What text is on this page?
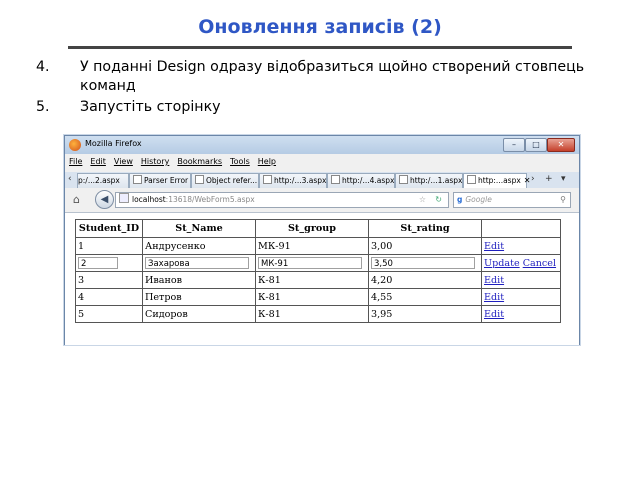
Оновлення записів (2)
4.	У поданні Design одразу відобразиться щойно створений стовпець команд
5.	Запустіть сторінку
Mozilla Firefox	–	□	✕
File Edit View History Bookmarks Tools Help
‹ p:/...2.aspx	Parser Error	Object refer...	http:/...3.aspx	http:/...4.aspx	http:/...1.aspx	http:...aspx ✕ › + ▾
⌂	◀	localhost:13618/WebForm5.aspx	☆ ↻	g Google	⚲
Student_ID	St_Name	St_group	St_rating	
1	Андрусенко	МК-91	3,00	Edit
2	Захарова	МК-91	3,50	Update Cancel
3	Иванов	К-81	4,20	Edit
4	Петров	К-81	4,55	Edit
5	Сидоров	К-81	3,95	Edit
